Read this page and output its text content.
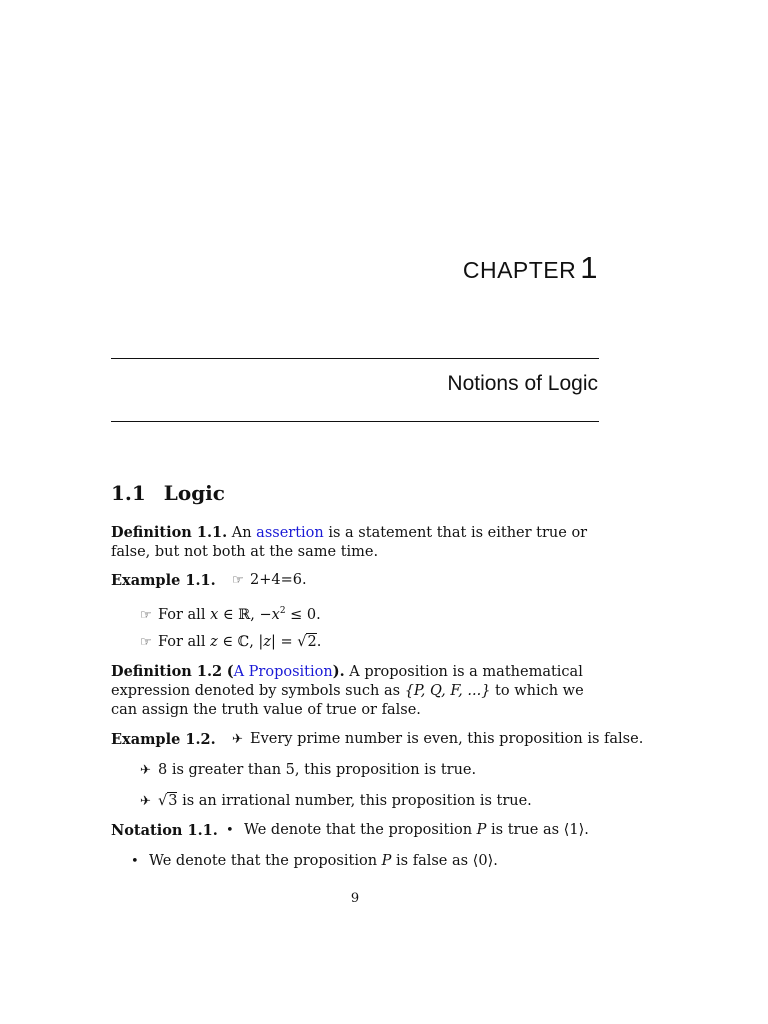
CHAPTER 1
Notions of Logic
1.1 Logic
Definition 1.1. An assertion is a statement that is either true or false, but not both at the same time.
Example 1.1. ☞ 2+4=6.
☞ For all x ∈ ℝ, $-x^2 \le 0$.
☞ For all z ∈ ℂ, |z| = √2.
Definition 1.2 (A Proposition). A proposition is a mathematical expression denoted by symbols such as {P, Q, F, ...} to which we can assign the truth value of true or false.
Example 1.2. ✈ Every prime number is even, this proposition is false.
✈ 8 is greater than 5, this proposition is true.
✈ √3 is an irrational number, this proposition is true.
Notation 1.1. • We denote that the proposition P is true as ⟨1⟩.
• We denote that the proposition P is false as ⟨0⟩.
9
